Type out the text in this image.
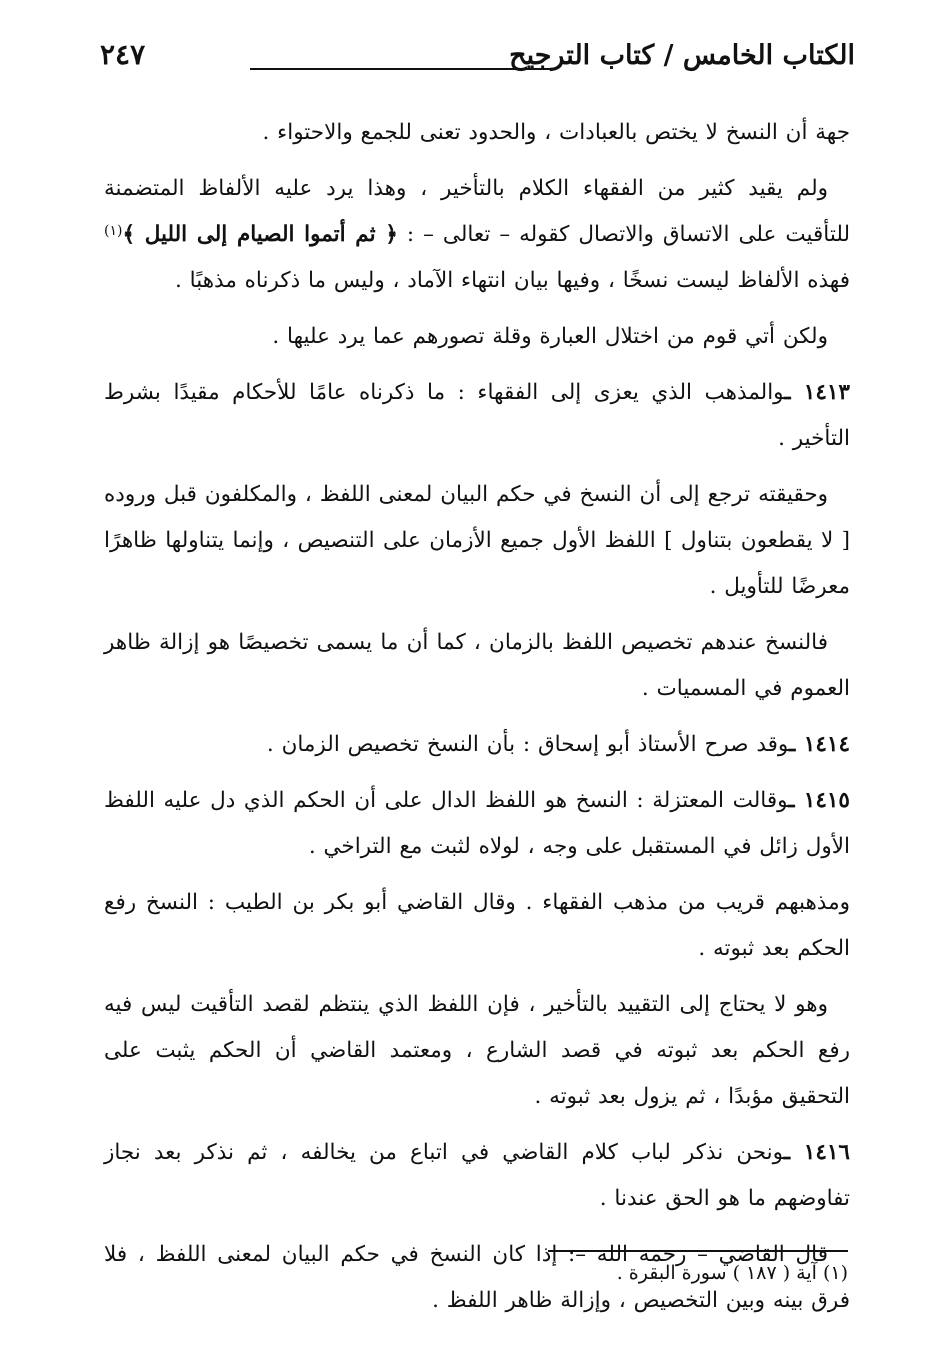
الكتاب الخامس / كتاب الترجيح
٢٤٧

جهة أن النسخ لا يختص بالعبادات ، والحدود تعنى للجمع والاحتواء .

ولم يقيد كثير من الفقهاء الكلام بالتأخير ، وهذا يرد عليه الألفاظ المتضمنة للتأقيت على الاتساق والاتصال كقوله – تعالى – : ﴿ ثم أتموا الصيام إلى الليل ﴾$^{(١)}$ فهذه الألفاظ ليست نسخًا ، وفيها بيان انتهاء الآماد ، وليس ما ذكرناه مذهبًا .

ولكن أتي قوم من اختلال العبارة وقلة تصورهم عما يرد عليها .

١٤١٣ ـوالمذهب الذي يعزى إلى الفقهاء : ما ذكرناه عامًا للأحكام مقيدًا بشرط التأخير .

وحقيقته ترجع إلى أن النسخ في حكم البيان لمعنى اللفظ ، والمكلفون قبل وروده [ لا يقطعون بتناول ] اللفظ الأول جميع الأزمان على التنصيص ، وإنما يتناولها ظاهرًا معرضًا للتأويل .

فالنسخ عندهم تخصيص اللفظ بالزمان ، كما أن ما يسمى تخصيصًا هو إزالة ظاهر العموم في المسميات .

١٤١٤ ـوقد صرح الأستاذ أبو إسحاق : بأن النسخ تخصيص الزمان .

١٤١٥ ـوقالت المعتزلة : النسخ هو اللفظ الدال على أن الحكم الذي دل عليه اللفظ الأول زائل في المستقبل على وجه ، لولاه لثبت مع التراخي .

ومذهبهم قريب من مذهب الفقهاء . وقال القاضي أبو بكر بن الطيب : النسخ رفع الحكم بعد ثبوته .

وهو لا يحتاج إلى التقييد بالتأخير ، فإن اللفظ الذي ينتظم لقصد التأقيت ليس فيه رفع الحكم بعد ثبوته في قصد الشارع ، ومعتمد القاضي أن الحكم يثبت على التحقيق مؤبدًا ، ثم يزول بعد ثبوته .

١٤١٦ ـونحن نذكر لباب كلام القاضي في اتباع من يخالفه ، ثم نذكر بعد نجاز تفاوضهم ما هو الحق عندنا .

قال القاضي – رحمه الله –: إذا كان النسخ في حكم البيان لمعنى اللفظ ، فلا فرق بينه وبين التخصيص ، وإزالة ظاهر اللفظ .

(١) آية ( ١٨٧ ) سورة البقرة .
